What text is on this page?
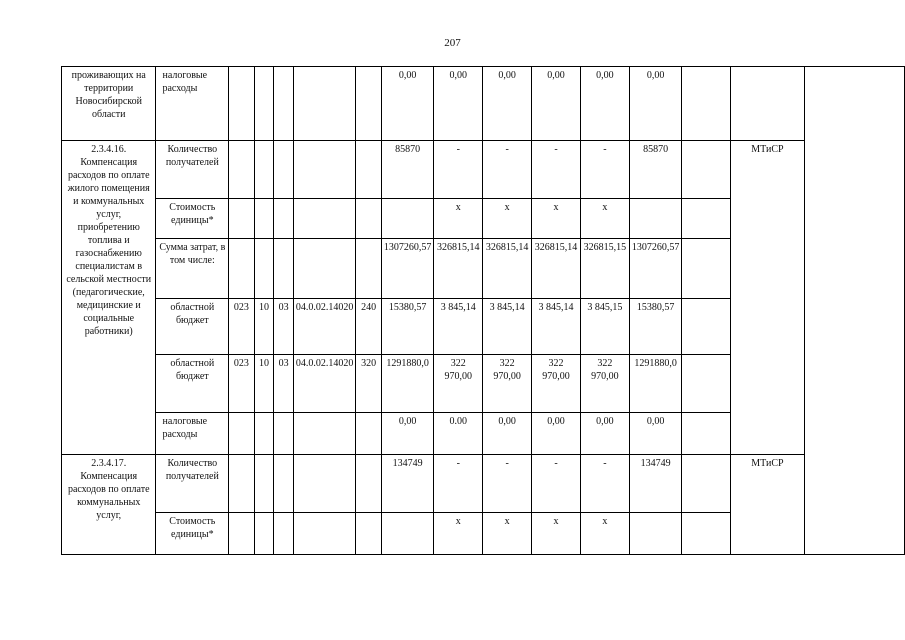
207
проживающих на территории Новосибирской области	налоговые расходы						0,00	0,00	0,00	0,00	0,00	0,00			
2.3.4.16. Компенсация расходов по оплате жилого помещения и коммунальных услуг, приобретению топлива и газоснабжению специалистам в сельской местности (педагогические, медицинские и социальные работники)	Количество получателей						85870	-	-	-	-	85870		МТиСР	
	Стоимость единицы*							х	х	х	х				
	Сумма затрат, в том числе:						1307260,57	326815,14	326815,14	326815,14	326815,15	1307260,57			
	областной бюджет	023	10	03	04.0.02.14020	240	15380,57	3 845,14	3 845,14	3 845,14	3 845,15	15380,57			
	областной бюджет	023	10	03	04.0.02.14020	320	1291880,0	322 970,00	322 970,00	322 970,00	322 970,00	1291880,0			
	налоговые расходы						0,00	0.00	0,00	0,00	0,00	0,00			
2.3.4.17. Компенсация расходов по оплате коммунальных услуг,	Количество получателей						134749	-	-	-	-	134749		МТиСР	
	Стоимость единицы*							х	х	х	х				
